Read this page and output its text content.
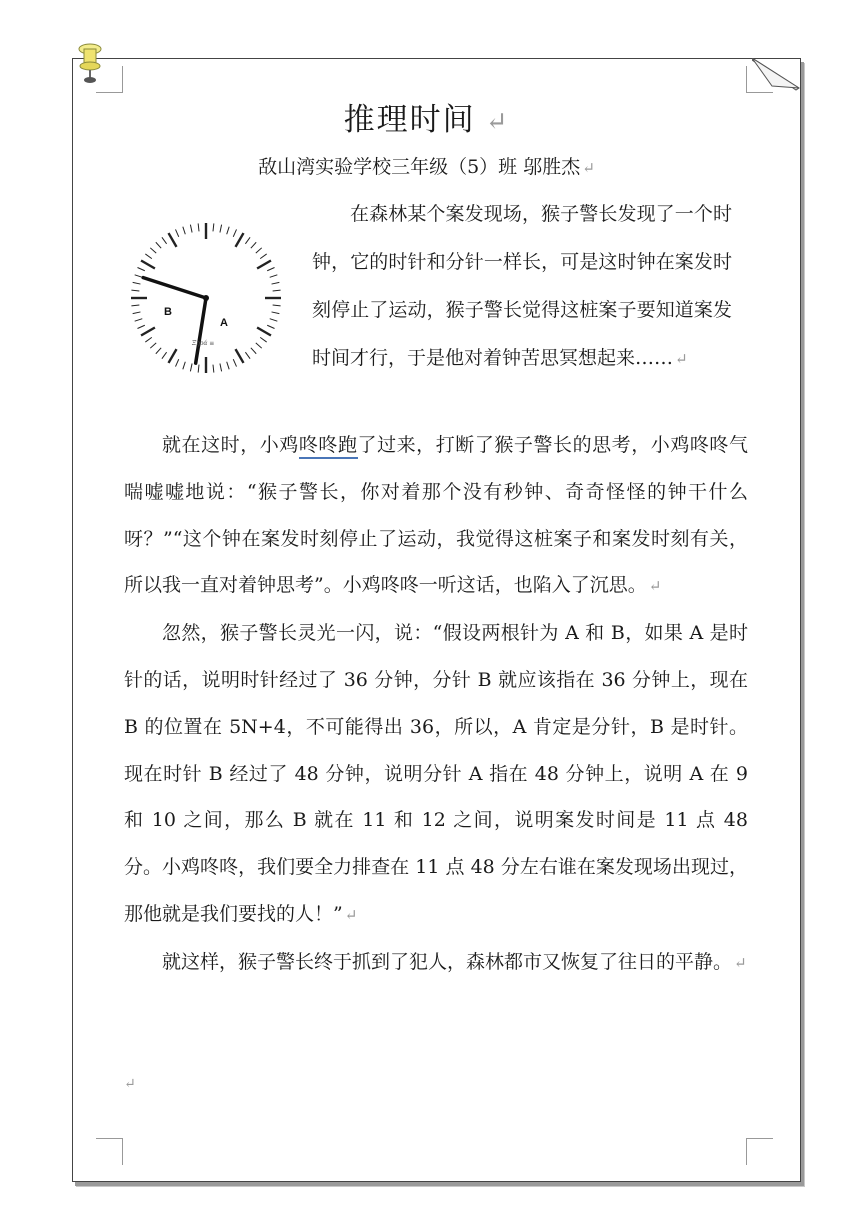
推理时间 ↵
敌山湾实验学校三年级（5）班 邬胜杰 ↵
B
A
Ξηρά ≡

在森林某个案发现场，猴子警长发现了一个时钟，它的时针和分针一样长，可是这时钟在案发时刻停止了运动，猴子警长觉得这桩案子要知道案发时间才行，于是他对着钟苦思冥想起来…… ↵

就在这时，小鸡咚咚跑了过来，打断了猴子警长的思考，小鸡咚咚气喘嘘嘘地说：“猴子警长，你对着那个没有秒钟、奇奇怪怪的钟干什么呀？”“这个钟在案发时刻停止了运动，我觉得这桩案子和案发时刻有关，所以我一直对着钟思考”。小鸡咚咚一听这话，也陷入了沉思。 ↵

忽然，猴子警长灵光一闪，说：“假设两根针为 A 和 B，如果 A 是时针的话，说明时针经过了 36 分钟，分针 B 就应该指在 36 分钟上，现在 B 的位置在 5N+4，不可能得出 36，所以，A 肯定是分针，B 是时针。现在时针 B 经过了 48 分钟，说明分针 A 指在 48 分钟上，说明 A 在 9 和 10 之间，那么 B 就在 11 和 12 之间，说明案发时间是 11 点 48 分。小鸡咚咚，我们要全力排查在 11 点 48 分左右谁在案发现场出现过，那他就是我们要找的人！” ↵

就这样，猴子警长终于抓到了犯人，森林都市又恢复了往日的平静。 ↵

↵
